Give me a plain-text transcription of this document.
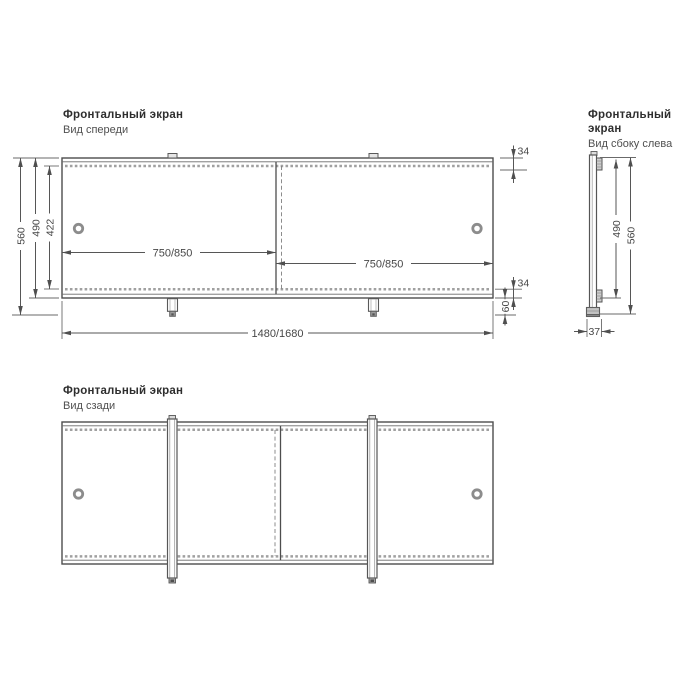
Фронтальный экран
Вид спереди
Фронтальный экран
Вид сбоку слева
Фронтальный экран
Вид сзади
560 490 422
750/850
750/850
1480/1680
34
34
60
490 560
37
